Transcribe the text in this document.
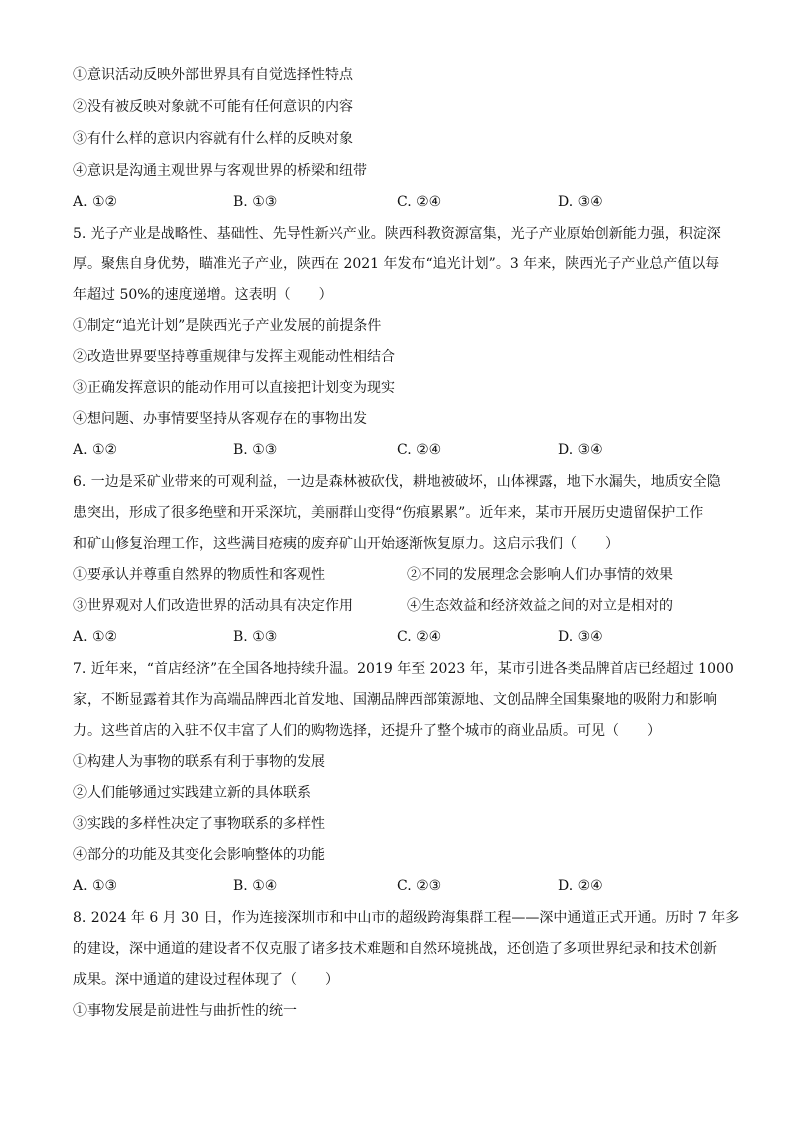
①意识活动反映外部世界具有自觉选择性特点
②没有被反映对象就不可能有任何意识的内容
③有什么样的意识内容就有什么样的反映对象
④意识是沟通主观世界与客观世界的桥梁和纽带
A. ①②	B. ①③	C. ②④	D. ③④
5. 光子产业是战略性、基础性、先导性新兴产业。陕西科教资源富集，光子产业原始创新能力强，积淀深
厚。聚焦自身优势，瞄准光子产业，陕西在 2021 年发布“追光计划”。3 年来，陕西光子产业总产值以每
年超过 50%的速度递增。这表明（　　）
①制定“追光计划”是陕西光子产业发展的前提条件
②改造世界要坚持尊重规律与发挥主观能动性相结合
③正确发挥意识的能动作用可以直接把计划变为现实
④想问题、办事情要坚持从客观存在的事物出发
A. ①②	B. ①③	C. ②④	D. ③④
6. 一边是采矿业带来的可观利益，一边是森林被砍伐，耕地被破坏，山体裸露，地下水漏失，地质安全隐
患突出，形成了很多绝壁和开采深坑，美丽群山变得“伤痕累累”。近年来，某市开展历史遗留保护工作
和矿山修复治理工作，这些满目疮痍的废弃矿山开始逐渐恢复原力。这启示我们（　　）
①要承认并尊重自然界的物质性和客观性	②不同的发展理念会影响人们办事情的效果
③世界观对人们改造世界的活动具有决定作用	④生态效益和经济效益之间的对立是相对的
A. ①②	B. ①③	C. ②④	D. ③④
7. 近年来，“首店经济”在全国各地持续升温。2019 年至 2023 年，某市引进各类品牌首店已经超过 1000
家，不断显露着其作为高端品牌西北首发地、国潮品牌西部策源地、文创品牌全国集聚地的吸附力和影响
力。这些首店的入驻不仅丰富了人们的购物选择，还提升了整个城市的商业品质。可见（　　）
①构建人为事物的联系有利于事物的发展
②人们能够通过实践建立新的具体联系
③实践的多样性决定了事物联系的多样性
④部分的功能及其变化会影响整体的功能
A. ①③	B. ①④	C. ②③	D. ②④
8. 2024 年 6 月 30 日，作为连接深圳市和中山市的超级跨海集群工程——深中通道正式开通。历时 7 年多
的建设，深中通道的建设者不仅克服了诸多技术难题和自然环境挑战，还创造了多项世界纪录和技术创新
成果。深中通道的建设过程体现了（　　）
①事物发展是前进性与曲折性的统一
